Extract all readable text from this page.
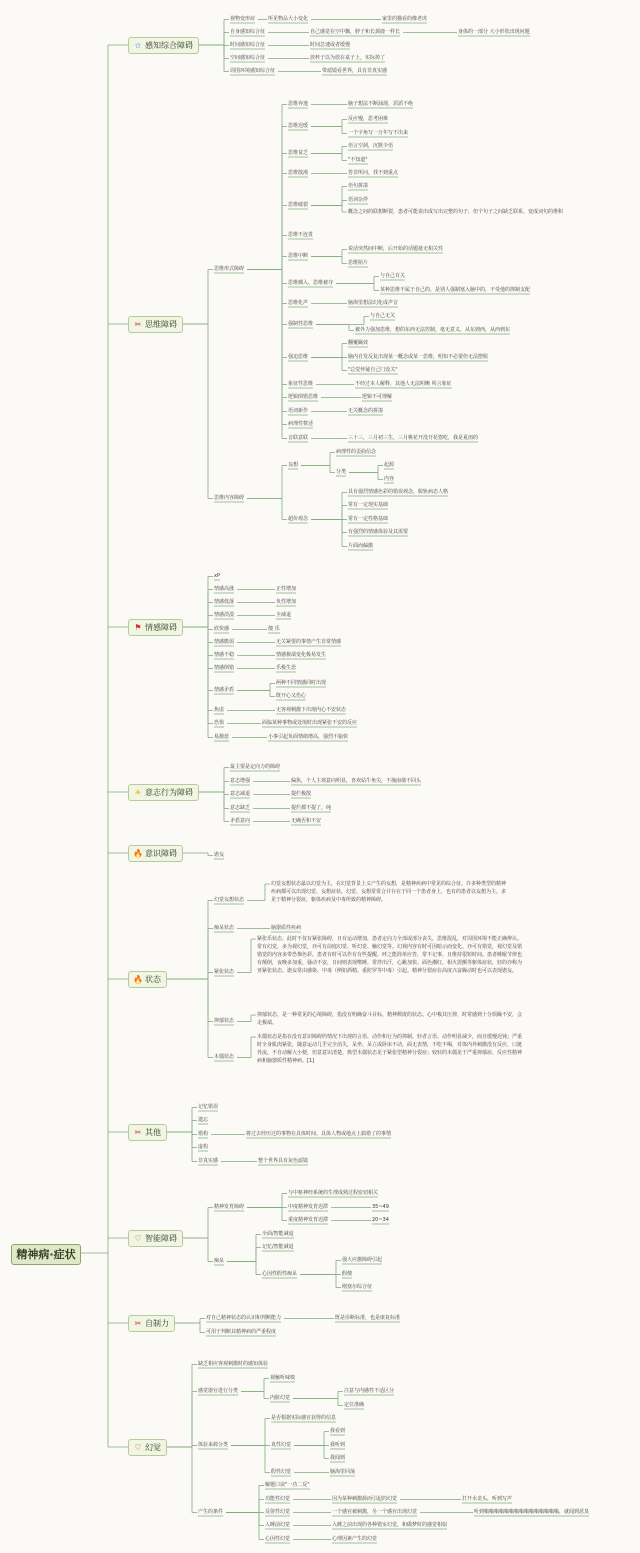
精神病·症状
☆ 感知综合障碍
✂ 思维障碍
⚑ 情感障碍
☀ 意志行为障碍
🔥 意识障碍
🔥 状态
✂ 其他
♡ 智能障碍
✂ 自制力
♡ 幻觉
视物变形症	所见物品大小变化	家里的猫看的像老虎
自身感知综合征	自己感觉在空中飘，脖子和长颈鹿一样长	身体的一部分 大小形状出现问题
时间感知综合征	时间急速或者缓慢
空间感知综合征	放杯子以为放在桌子上，实际掉了
周围环境感知综合征	带滤镜看世界，具有非真实感
思维形式障碍
思维奔逸	脑子想法不断涌现，滔滔不绝
思维迟缓
反应慢，思考困难
一个字角写一万年写不出来
思维贫乏
语言空洞，沉默少语
"不知道"
思维散漫	答非所问，找不到重点
思维破裂
语句拼凑
语词杂伴
概念之间的联想断裂，患者可能说出成写出完整的句子，但个句子之间缺乏联系，变成词句的堆积
思维不连贯
思维中断
说话突然间中断，后开始的话题毫无相关性
思维阻片
思维插入、思维被夺
与自己有关
某种思维不属于自己的，是别人强制塞入脑中的，不受他的抑制支配
思维化声	脑海里想法幻化成声音
强制性思维
与自己无关
被外力强加思维，想的东西无法控制，毫无意义，从东到西，从西到东
强迫思维
翻覆躁效
脑内自发反复出现某一概念或某一思维，明知不必要但无法摆脱
"总觉怀疑自己门没关"
象征性思维	不经过本人解释，其他人无法明晰 所言象征
逻辑倒错思维	逻辑不可理解
语词新作	无关概念的拼凑
病理性赘述
音联意联	三十三，三月初三生，三月桃花开没开花惚吃，我是夏雨的
思维内容障碍
妄想
病理性的歪曲信念
分类
起源
内容
超价观念
具有强烈情感色彩的错误观念，脱轨病态人格
常有一定现实基础
常有一定性格基础
有强烈的情感体验及其需要
片面而偏激
xP
情感高涨	正性增加
情感低落	负性增加
情感淡漠	全减退
欣快感	傻 乐
情感脆弱	无关紧要的事情产生非常情感
情感不稳	情感极端变化极易发生
情感倒错	乐极生悲
情感矛盾
两种不同情感同时出现
既开心又伤心
焦虑	无客观刺激下出现内心不安状态
恐惧	面临某种事物或处境时出现紧张不安的反应
易激惹	小事引起负面情绪增高，强烈不愉快
最主要是定向力的障碍
意志增强	偏执，个人主观意向明显，喜欢钻牛角尖，不撞南墙不回头
意志减退	提烂极散
意志缺乏	提烂都不提了，纯
矛盾意向	无确否和不安
谵妄
幻觉妄想状态
幻觉妄想状态最以幻觉为主，在幻觉背景上义产生的妄想，是精神疾病中常见的综合征。许多种类型的精神疾病都可以出现幻觉、妄想症状。幻觉、妄想常常合并存在于同一个患者身上，也有的患者以妄想为主。多见于精神分裂症，躯体疾病及中毒所致的精神障碍。
痴呆状态	脑器质性疾病
紧张状态
紧张乐状态，此时不仅有紧张障碍，且有运动增加，患者定向力全部或部分丧失，思维混乱，对周围环境不能正确辨认。常有幻觉，多为视幻觉，亦可有前庭幻觉、听幻觉、触幻觉等。幻视内容有时可因暗示而变化。亦可有错觉，视幻觉及错错觉的内容多带恐怖色彩。患者有时可以作有有些提醒，呼之能简单应答，常不记事，且维持很短时间。患者睡眠节律也有颠倒，夜晚多加重，骚动不安，日间则表现嗜睡。常伴出汗，心跳加快、面色潮红，相火震颤等躯体症状，轻的亦称为亚紧张状态。谵妄常由感染、中毒（例如酒精、重陀罗等中毒）引起。精神分裂症在高度兴奋躁动时也可以表现谵妄。
抑郁状态
抑郁状态，是一种常见的心境障碍，指没有明确奋斗目标，精神颓废的状态。心中极其压抑，时常感到十分烦躁不安，会走极端。
木僵状态
木僵状态是指在没有意识障碍的情况下出现的言语、动作和行为的抑制。轻者言语、动作明显减少，而且缓慢迟钝；严重时全身肌肉紧张，随意运动几乎完全消失，呆坐、呆立或卧床不动，面无表情，不吃不喝，对体内外刺激没有反应，口涎外流，不自动解大小便，但意意识清楚。典型木僵状态见于紧张型精神分裂症；较轻的木僵见于严重抑郁症、反应性精神病和脑器质性精神病。[1]
记忆错误
遗忘
错构	将过去经历过的事物在具体时间、具体人物或地点上搞错了的事情
虚构
非真实感	整个世界具有灰色滤镜
精神发育障碍
与中枢神经系统的生理成熟过程密切相关
中度精神发育迟滞	35~49
重度精神发育迟滞	20~34
痴呆
全面/智能减退
记忆/智能减退
心因性假性痴呆
强大应激障碍引起
假傻
刚塞尔综合征
对自己精神状态的认识和判断能力	既是诊断标准，也是康复标准
可用于判断其精神病的严重程度
缺乏相应客观刺激时的感知体验
感觉器官进行分类
视触听味嗅
内脏幻觉
注意与内感性不适区分
定位准确
体验来源分类
是否根据实际感官获得的信息
真性幻觉
我看到
我听到
我闻到
假性幻觉	脑海里回荡
产生的条件
解题口诀"一功二反"
功能性幻觉	因为某种刺激源而引起的幻觉	打开水龙头，听到写声
反射性幻觉	一个感官被刺激，另一个感官出现幻觉	听到嗡嗡嗡嗡嗡嗡嗡嗡嗡嗡嗡嗡嗡嗡嗡，就闻到恶臭
入睡前幻觉	入睡之前出现的各种错室幻觉，和做梦时的感觉相似
心因性幻觉	心理因素产生的幻觉
